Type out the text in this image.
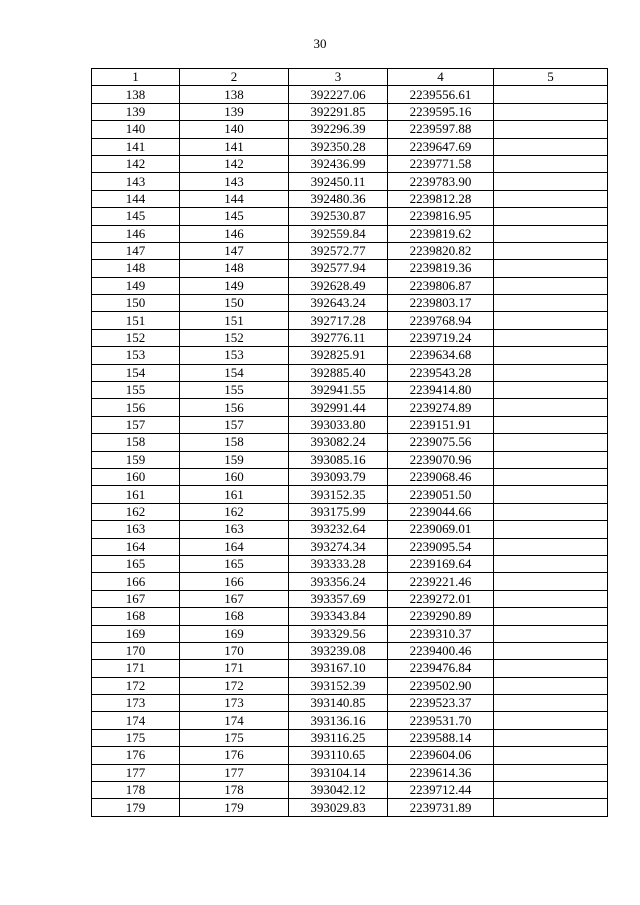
30
1	2	3	4	5
138	138	392227.06	2239556.61	
139	139	392291.85	2239595.16	
140	140	392296.39	2239597.88	
141	141	392350.28	2239647.69	
142	142	392436.99	2239771.58	
143	143	392450.11	2239783.90	
144	144	392480.36	2239812.28	
145	145	392530.87	2239816.95	
146	146	392559.84	2239819.62	
147	147	392572.77	2239820.82	
148	148	392577.94	2239819.36	
149	149	392628.49	2239806.87	
150	150	392643.24	2239803.17	
151	151	392717.28	2239768.94	
152	152	392776.11	2239719.24	
153	153	392825.91	2239634.68	
154	154	392885.40	2239543.28	
155	155	392941.55	2239414.80	
156	156	392991.44	2239274.89	
157	157	393033.80	2239151.91	
158	158	393082.24	2239075.56	
159	159	393085.16	2239070.96	
160	160	393093.79	2239068.46	
161	161	393152.35	2239051.50	
162	162	393175.99	2239044.66	
163	163	393232.64	2239069.01	
164	164	393274.34	2239095.54	
165	165	393333.28	2239169.64	
166	166	393356.24	2239221.46	
167	167	393357.69	2239272.01	
168	168	393343.84	2239290.89	
169	169	393329.56	2239310.37	
170	170	393239.08	2239400.46	
171	171	393167.10	2239476.84	
172	172	393152.39	2239502.90	
173	173	393140.85	2239523.37	
174	174	393136.16	2239531.70	
175	175	393116.25	2239588.14	
176	176	393110.65	2239604.06	
177	177	393104.14	2239614.36	
178	178	393042.12	2239712.44	
179	179	393029.83	2239731.89	
